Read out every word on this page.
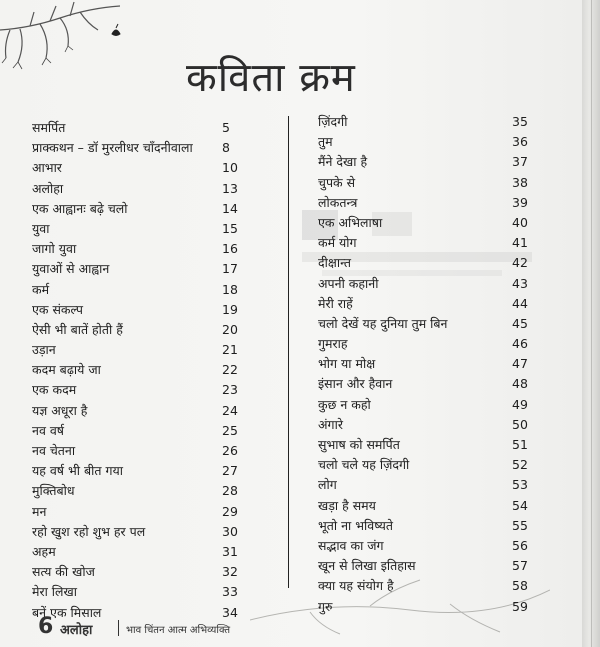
कविता क्रम
समर्पित	5
प्राक्कथन – डॉ मुरलीधर चाँदनीवाला 8
आभार	10
अलोहा	13
एक आह्वानः बढ़े चलो	14
युवा	15
जागो युवा	16
युवाओं से आह्वान	17
कर्म	18
एक संकल्प	19
ऐसी भी बातें होती हैं	20
उड़ान	21
कदम बढ़ाये जा	22
एक कदम	23
यज्ञ अधूरा है	24
नव वर्ष	25
नव चेतना	26
यह वर्ष भी बीत गया	27
मुक्तिबोध	28
मन	29
रहो खुश रहो शुभ हर पल	30
अहम	31
सत्य की खोज	32
मेरा लिखा	33
बनें एक मिसाल	34
ज़िंदगी	35
तुम	36
मैंने देखा है	37
चुपके से	38
लोकतन्त्र	39
एक अभिलाषा	40
कर्म योग	41
दीक्षान्त	42
अपनी कहानी	43
मेरी राहें	44
चलो देखें यह दुनिया तुम बिन	45
गुमराह	46
भोग या मोक्ष	47
इंसान और हैवान	48
कुछ न कहो	49
अंगारे	50
सुभाष को समर्पित	51
चलो चले यह ज़िंदगी	52
लोग	53
खड़ा है समय	54
भूतो ना भविष्यते	55
सद्भाव का जंग	56
खून से लिखा इतिहास	57
क्या यह संयोग है	58
गुरु	59
6 अलोहा	भाव चिंतन आत्म अभिव्यक्ति
